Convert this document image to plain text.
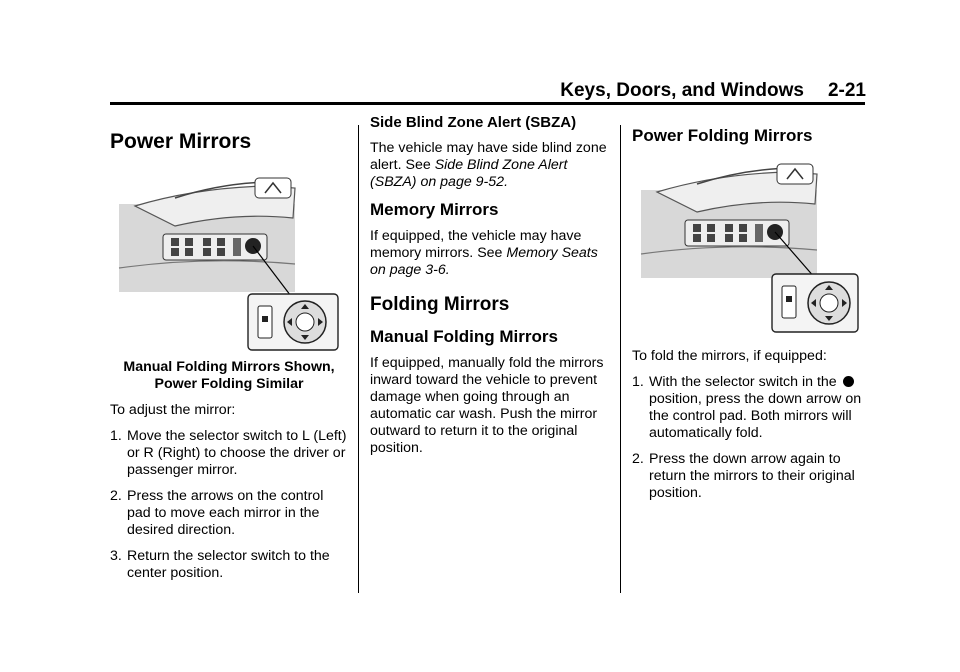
Keys, Doors, and Windows 2-21
Power Mirrors
Manual Folding Mirrors Shown,
Power Folding Similar

To adjust the mirror:

1. Move the selector switch to L (Left) or R (Right) to choose the driver or passenger mirror.
2. Press the arrows on the control pad to move each mirror in the desired direction.
3. Return the selector switch to the center position.
Side Blind Zone Alert (SBZA)

The vehicle may have side blind zone alert. See Side Blind Zone Alert (SBZA) on page 9-52.

Memory Mirrors

If equipped, the vehicle may have memory mirrors. See Memory Seats on page 3-6.

Folding Mirrors
Manual Folding Mirrors

If equipped, manually fold the mirrors inward toward the vehicle to prevent damage when going through an automatic car wash. Push the mirror outward to return it to the original position.

Power Folding Mirrors

To fold the mirrors, if equipped:

1. With the selector switch in the
position, press the down arrow on the control pad. Both mirrors will automatically fold.
2. Press the down arrow again to return the mirrors to their original position.
